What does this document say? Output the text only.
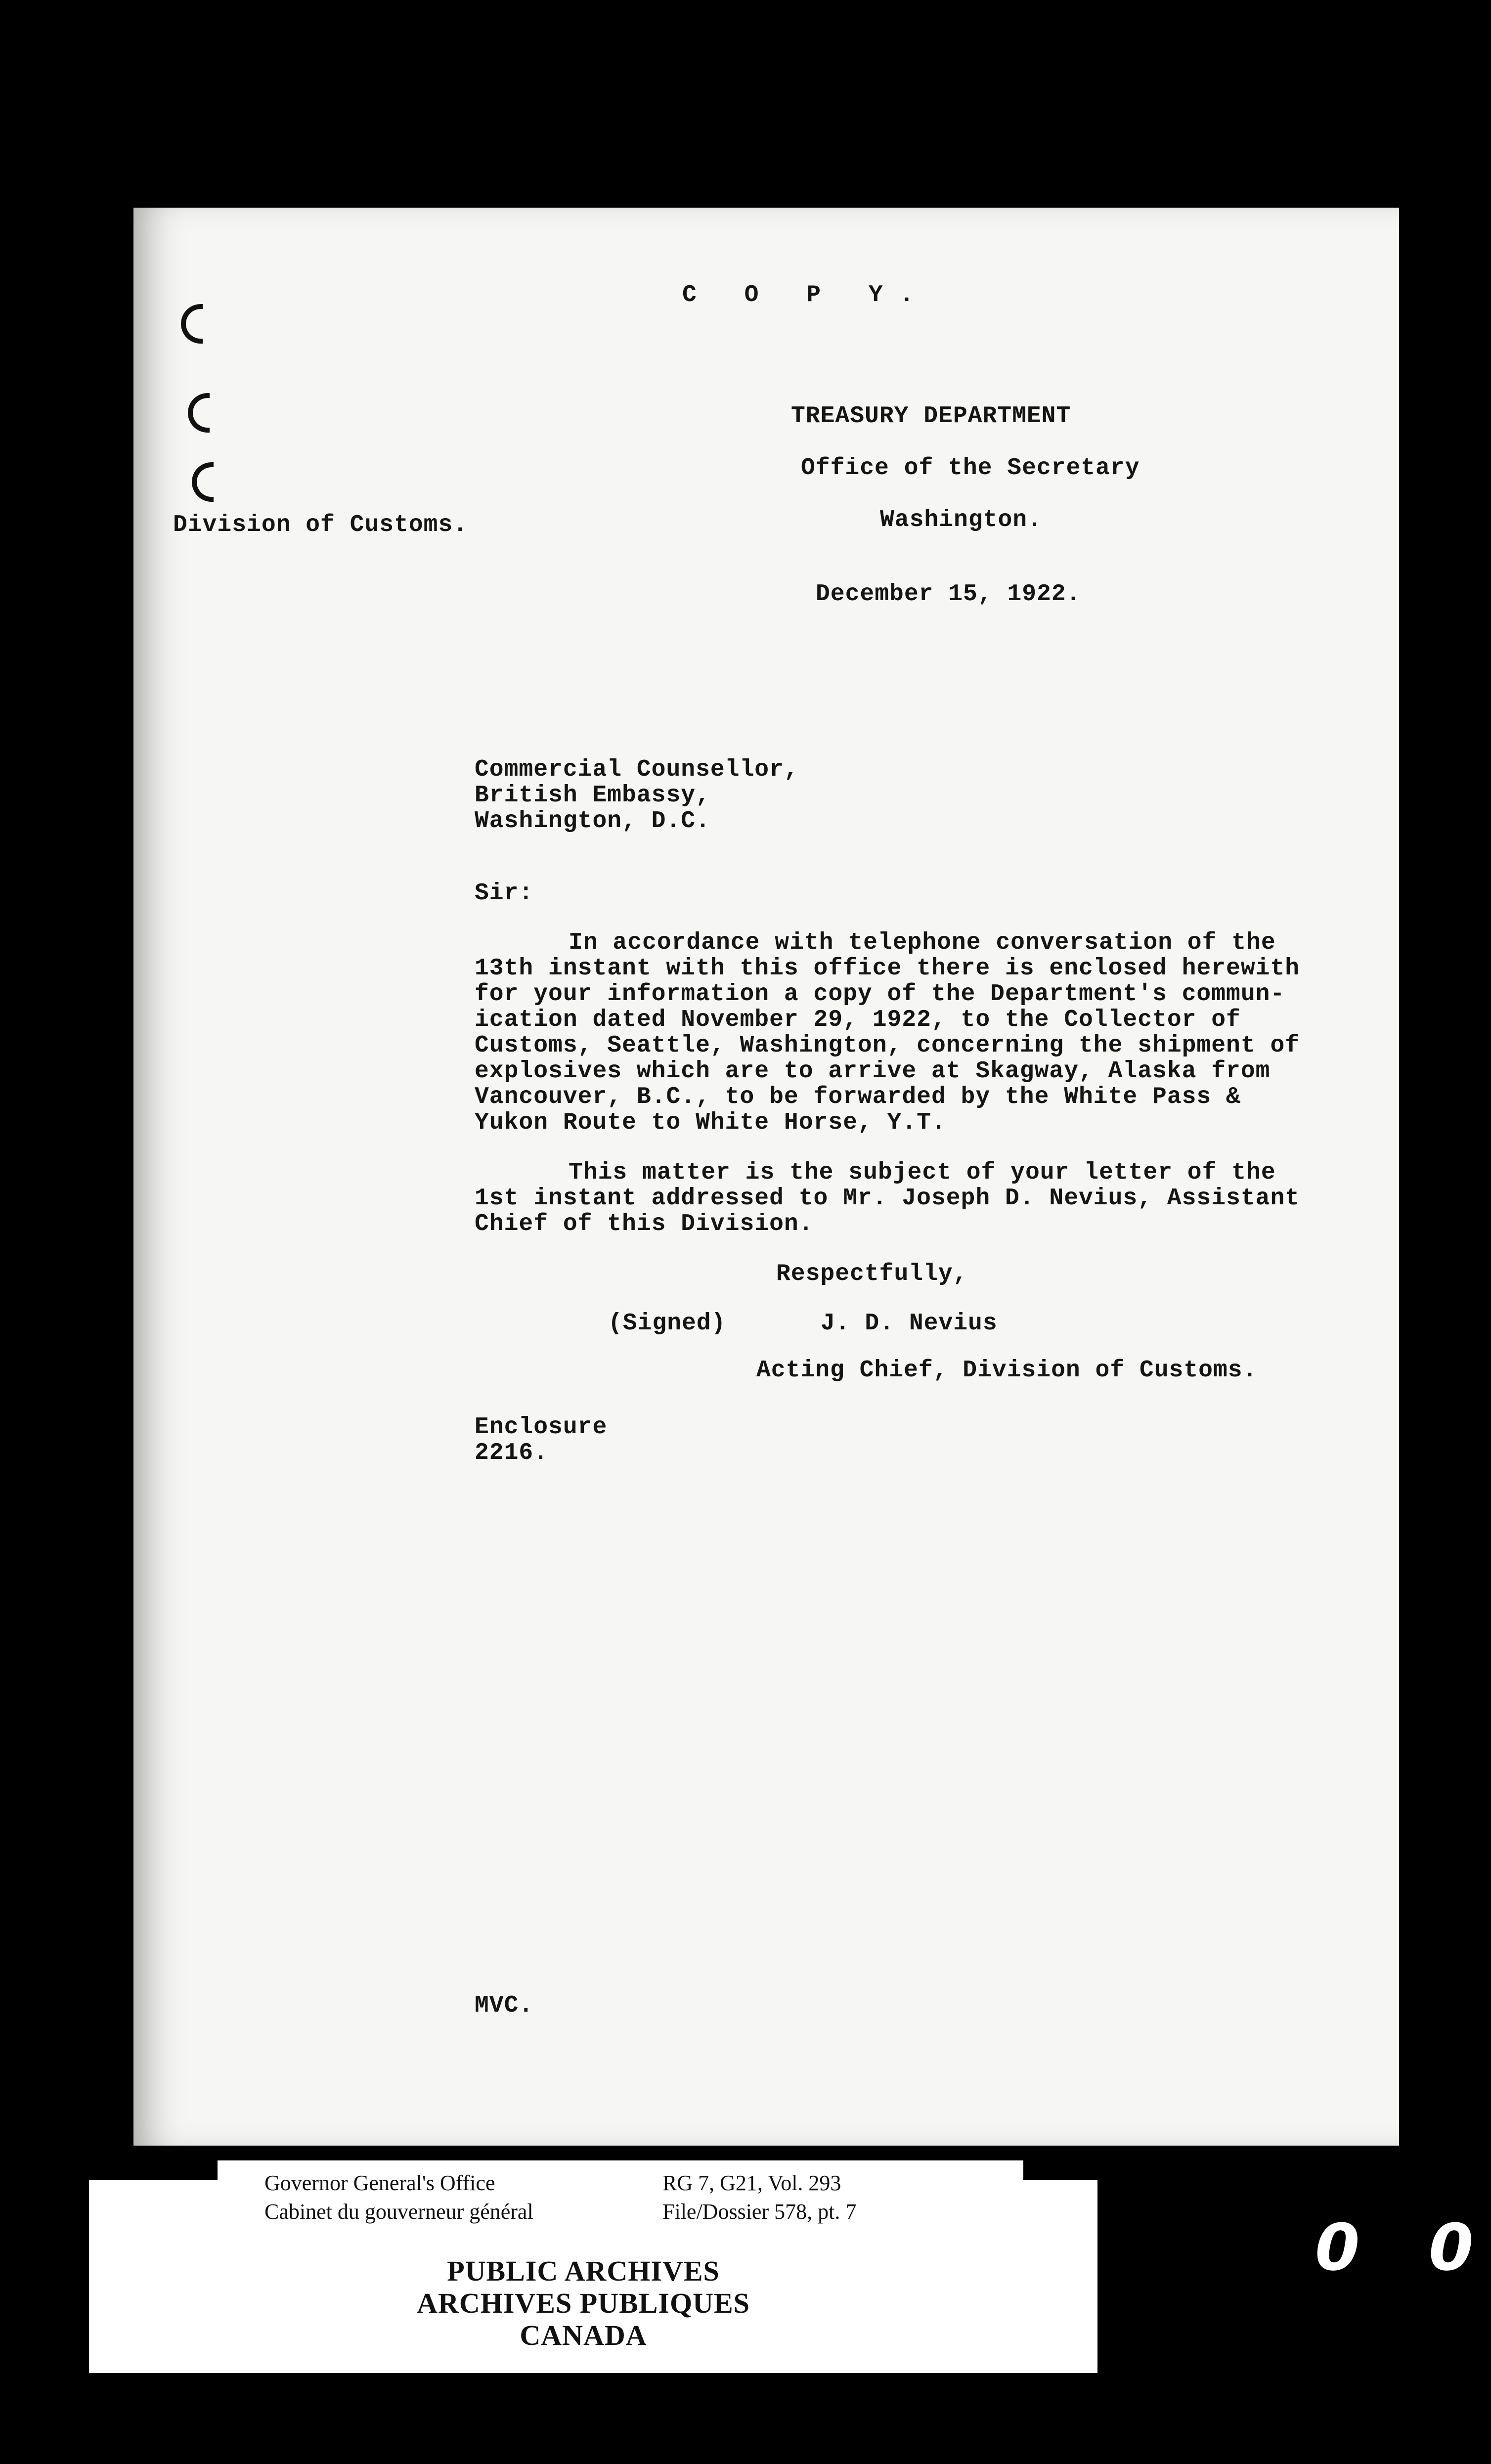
C O P Y.
TREASURY DEPARTMENT
Office of the Secretary
Washington.
Division of Customs.
December 15, 1922.
Commercial Counsellor,
British Embassy,
Washington, D.C.
Sir:
In accordance with telephone conversation of the
13th instant with this office there is enclosed herewith
for your information a copy of the Department's commun-
ication dated November 29, 1922, to the Collector of
Customs, Seattle, Washington, concerning the shipment of
explosives which are to arrive at Skagway, Alaska from
Vancouver, B.C., to be forwarded by the White Pass &
Yukon Route to White Horse, Y.T.
This matter is the subject of your letter of the
1st instant addressed to Mr. Joseph D. Nevius, Assistant
Chief of this Division.
Respectfully,
(Signed)	J. D. Nevius
Acting Chief, Division of Customs.
Enclosure
2216.
MVC.
Governor General's Office
Cabinet du gouverneur général
RG 7, G21, Vol. 293
File/Dossier 578, pt. 7
PUBLIC ARCHIVES
ARCHIVES PUBLIQUES
CANADA
0 0
